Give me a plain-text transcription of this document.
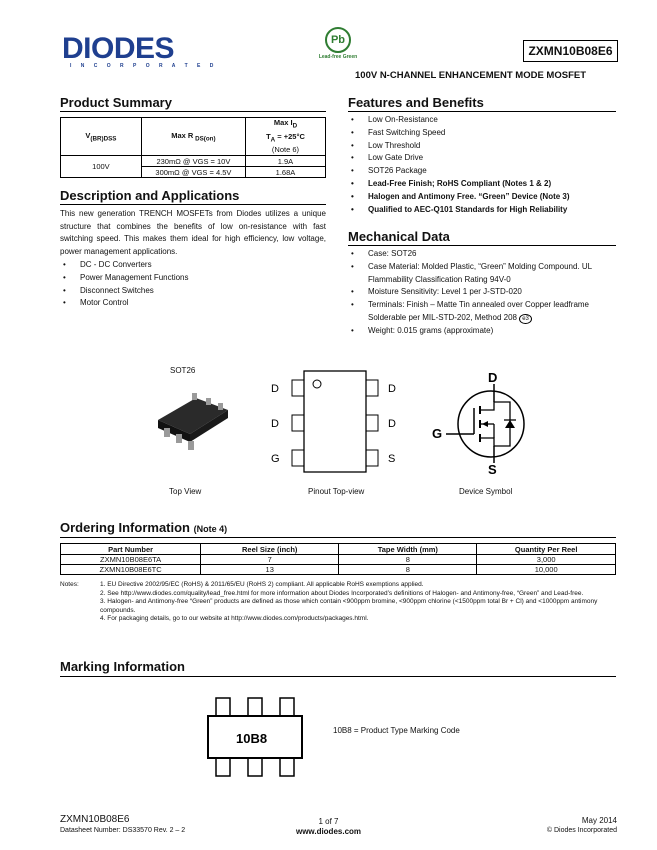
DIODES
I N C O R P O R A T E D
Pb
Lead-free Green	ZXMN10B08E6
100V N-CHANNEL ENHANCEMENT MODE MOSFET
Product Summary
$V_{(BR)DSS}$	Max R $_{DS(on)}$	Max $I_D$
$T_A = +25^\circ C$
(Note 6)
100V	230mΩ @ VGS = 10V	1.9A
	300mΩ @ VGS = 4.5V	1.68A
Description and Applications
This new generation TRENCH MOSFETs from Diodes utilizes a unique structure that combines the benefits of low on-resistance with fast switching speed. This makes them ideal for high efficiency, low voltage, power management applications.
• DC - DC Converters
• Power Management Functions
• Disconnect Switches
• Motor Control
Features and Benefits
• Low On-Resistance
• Fast Switching Speed
• Low Threshold
• Low Gate Drive
• SOT26 Package
• Lead-Free Finish; RoHS Compliant (Notes 1 & 2)
• Halogen and Antimony Free. “Green” Device (Note 3)
• Qualified to AEC-Q101 Standards for High Reliability
Mechanical Data
• Case: SOT26
• Case Material: Molded Plastic, “Green” Molding Compound. UL Flammability Classification Rating 94V-0
• Moisture Sensitivity: Level 1 per J-STD-020
• Terminals: Finish – Matte Tin annealed over Copper leadframe Solderable per MIL-STD-202, Method 208 e3
• Weight: 0.015 grams (approximate)
SOT26
Top View
D
D
G
D
D
S
Pinout Top-view
D
G
S
Device Symbol
Ordering Information (Note 4)
Part Number	Reel Size (inch)	Tape Width (mm)	Quantity Per Reel
ZXMN10B08E6TA	7	8	3,000
ZXMN10B08E6TC	13	8	10,000
Notes:	1. EU Directive 2002/95/EC (RoHS) & 2011/65/EU (RoHS 2) compliant. All applicable RoHS exemptions applied.
2. See http://www.diodes.com/quality/lead_free.html for more information about Diodes Incorporated’s definitions of Halogen- and Antimony-free, “Green” and Lead-free.
3. Halogen- and Antimony-free “Green” products are defined as those which contain <900ppm bromine, <900ppm chlorine (<1500ppm total Br + Cl) and <1000ppm antimony compounds.
4. For packaging details, go to our website at http://www.diodes.com/products/packages.html.
Marking Information
10B8
10B8 = Product Type Marking Code
ZXMN10B08E6
Datasheet Number: DS33570 Rev. 2 – 2
1 of 7
www.diodes.com
May 2014
© Diodes Incorporated
